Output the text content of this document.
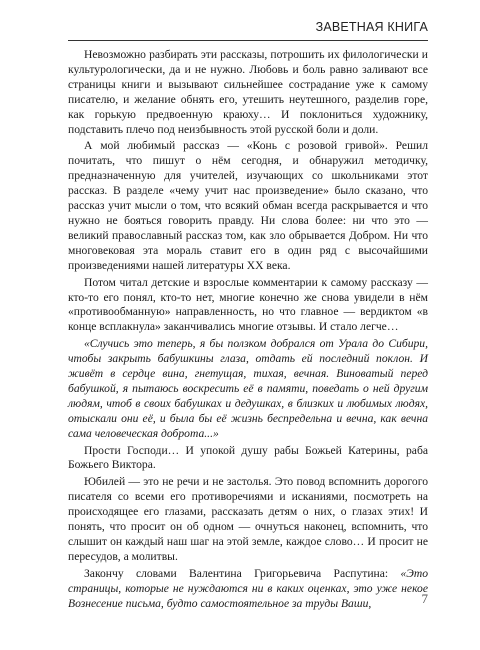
ЗАВЕТНАЯ КНИГА

Невозможно разбирать эти рассказы, потрошить их филологически и культурологически, да и не нужно. Любовь и боль равно заливают все страницы книги и вызывают сильнейшее сострадание уже к самому писателю, и желание обнять его, утешить неутешного, разделив горе, как горькую предвоенную краюху… И поклониться художнику, подставить плечо под неизбывность этой русской боли и доли.

А мой любимый рассказ — «Конь с розовой гривой». Решил почитать, что пишут о нём сегодня, и обнаружил методичку, предназначенную для учителей, изучающих со школьниками этот рассказ. В разделе «чему учит нас произведение» было сказано, что рассказ учит мысли о том, что всякий обман всегда раскрывается и что нужно не бояться говорить правду. Ни слова более: ни что это — великий православный рассказ том, как зло обрывается Добром. Ни что многовековая эта мораль ставит его в один ряд с высочайшими произведениями нашей литературы XX века.

Потом читал детские и взрослые комментарии к самому рассказу — кто-то его понял, кто-то нет, многие конечно же снова увидели в нём «противообманную» направленность, но что главное — вердиктом «в конце всплакнула» заканчивались многие отзывы. И стало легче…

«Случись это теперь, я бы ползком добрался от Урала до Сибири, чтобы закрыть бабушкины глаза, отдать ей последний поклон. И живёт в сердце вина, гнетущая, тихая, вечная. Виноватый перед бабушкой, я пытаюсь воскресить её в памяти, поведать о ней другим людям, чтоб в своих бабушках и дедушках, в близких и любимых людях, отыскали они её, и была бы её жизнь беспредельна и вечна, как вечна сама человеческая доброта...»

Прости Господи… И упокой душу рабы Божьей Катерины, раба Божьего Виктора.

Юбилей — это не речи и не застолья. Это повод вспомнить дорогого писателя со всеми его противоречиями и исканиями, посмотреть на происходящее его глазами, рассказать детям о них, о глазах этих! И понять, что просит он об одном — очнуться наконец, вспомнить, что слышит он каждый наш шаг на этой земле, каждое слово… И просит не пересудов, а молитвы.

Закончу словами Валентина Григорьевича Распутина: «Это страницы, которые не нуждаются ни в каких оценках, это уже некое Вознесение письма, будто самостоятельное за труды Ваши,	7
